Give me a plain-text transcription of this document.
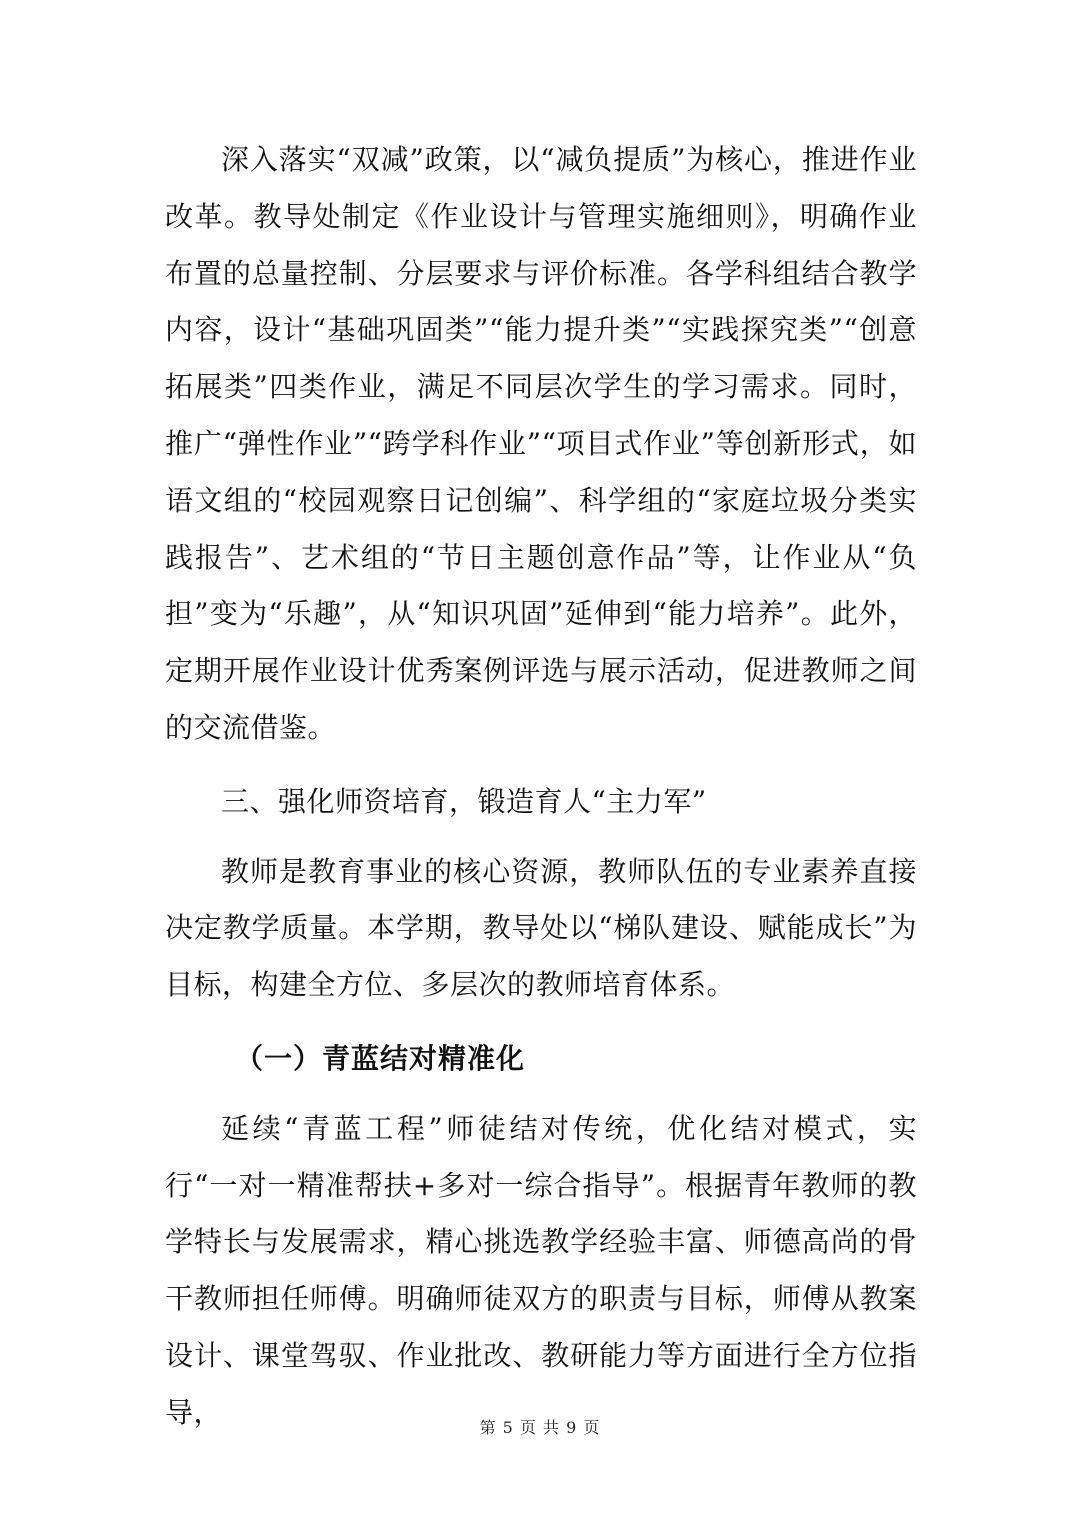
深入落实“双减”政策，以“减负提质”为核心，推进作业改革。教导处制定《作业设计与管理实施细则》，明确作业布置的总量控制、分层要求与评价标准。各学科组结合教学内容，设计“基础巩固类”“能力提升类”“实践探究类”“创意拓展类”四类作业，满足不同层次学生的学习需求。同时，推广“弹性作业”“跨学科作业”“项目式作业”等创新形式，如语文组的“校园观察日记创编”、科学组的“家庭垃圾分类实践报告”、艺术组的“节日主题创意作品”等，让作业从“负担”变为“乐趣”，从“知识巩固”延伸到“能力培养”。此外，定期开展作业设计优秀案例评选与展示活动，促进教师之间的交流借鉴。

三、强化师资培育，锻造育人“主力军”

教师是教育事业的核心资源，教师队伍的专业素养直接决定教学质量。本学期，教导处以“梯队建设、赋能成长”为目标，构建全方位、多层次的教师培育体系。

（一）青蓝结对精准化

延续“青蓝工程”师徒结对传统，优化结对模式，实行“一对一精准帮扶+多对一综合指导”。根据青年教师的教学特长与发展需求，精心挑选教学经验丰富、师德高尚的骨干教师担任师傅。明确师徒双方的职责与目标，师傅从教案设计、课堂驾驭、作业批改、教研能力等方面进行全方位指导，	第 5 页 共 9 页
